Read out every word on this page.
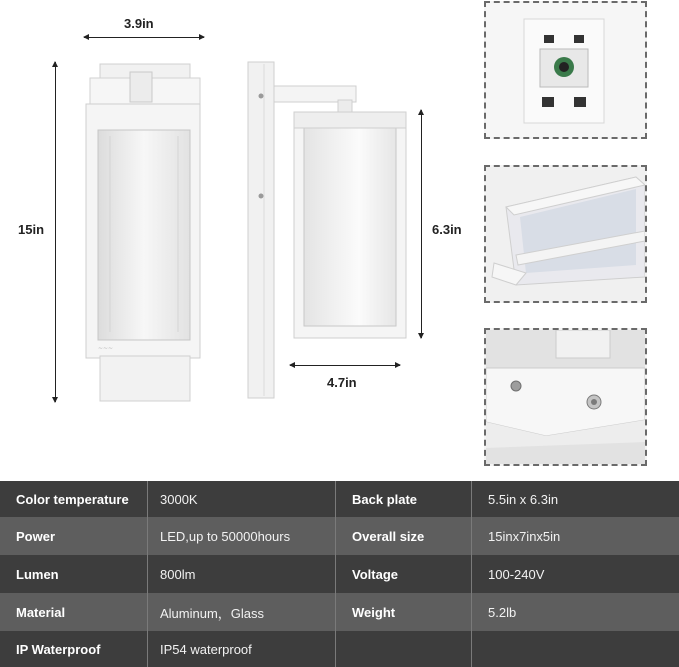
3.9in
15in	6.3in
4.7in
~~~
Color temperature	3000K	Back plate	5.5in x 6.3in
Power	LED,up to 50000hours	Overall size	15inx7inx5in
Lumen	800lm	Voltage	100-240V
Material	Aluminum，Glass	Weight	5.2lb
IP Waterproof	IP54 waterproof
